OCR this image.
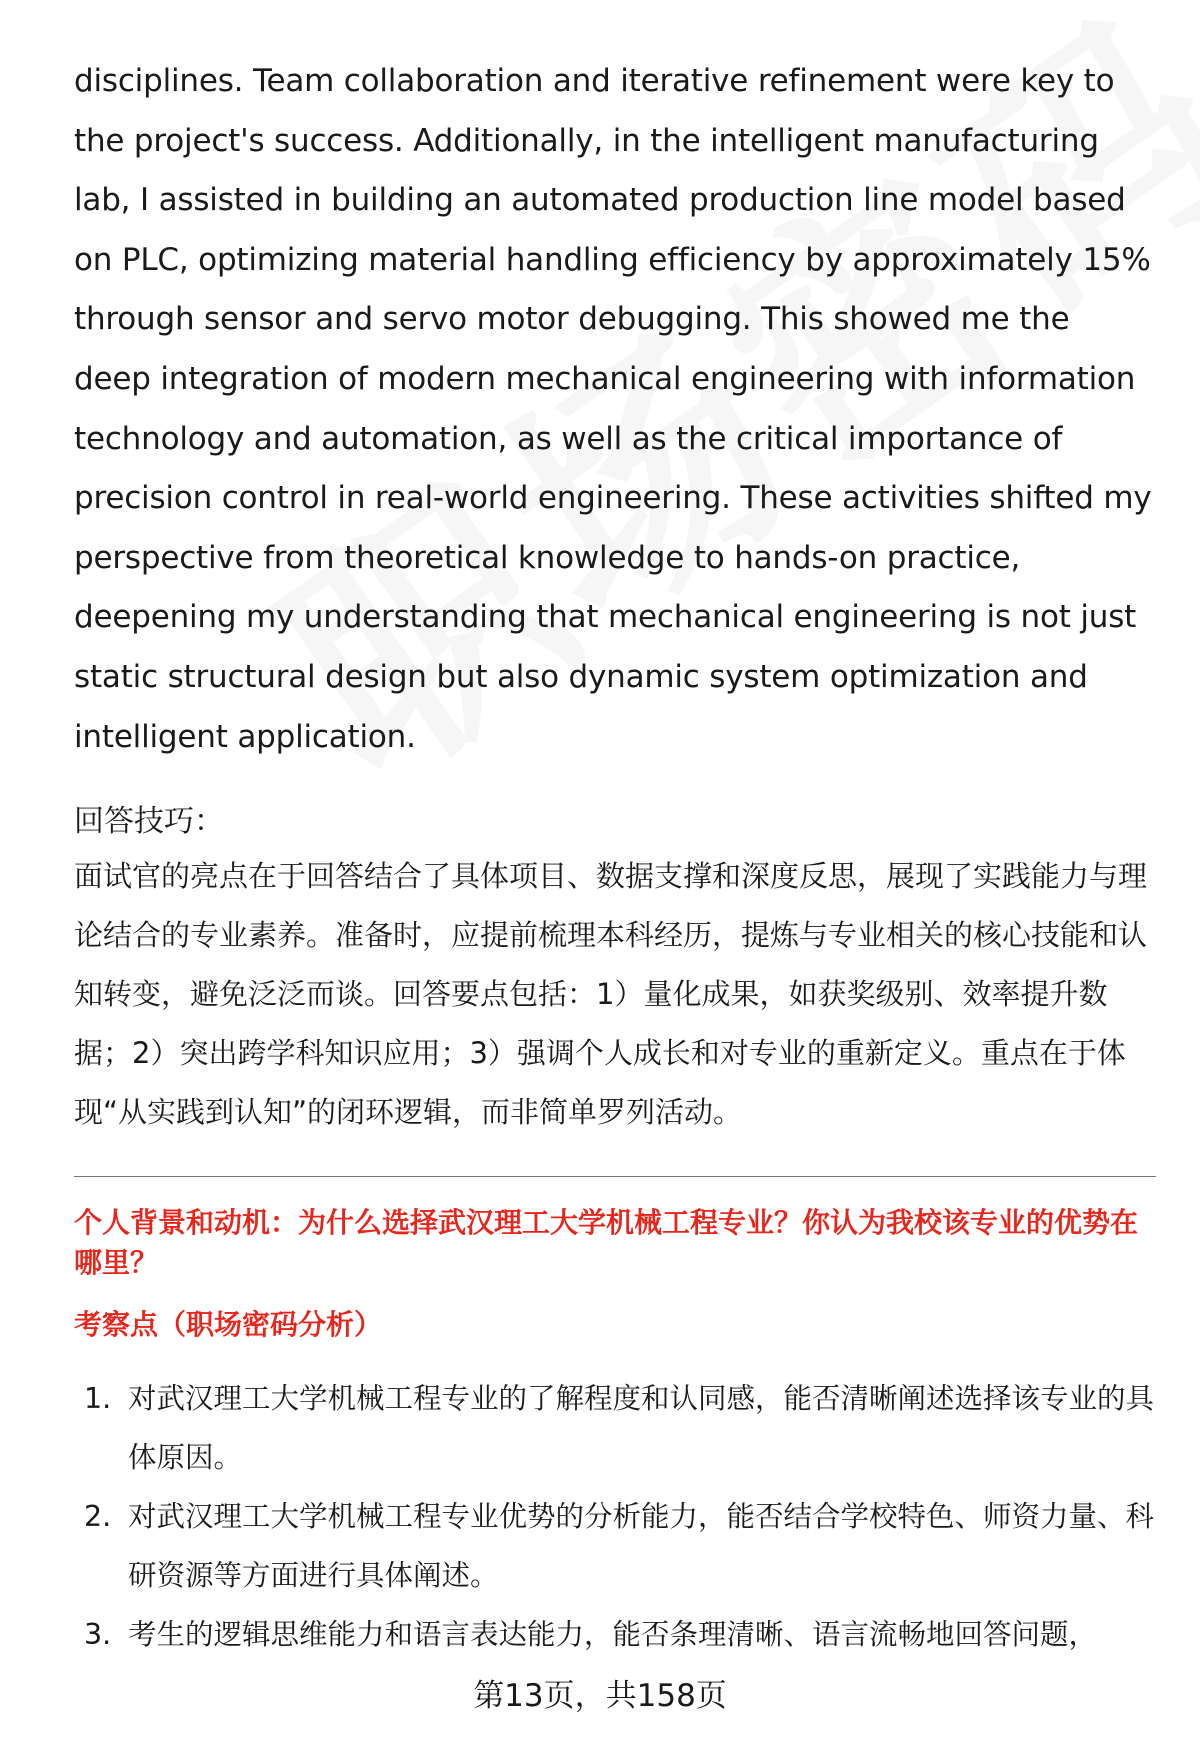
disciplines. Team collaboration and iterative refinement were key to the project's success. Additionally, in the intelligent manufacturing lab, I assisted in building an automated production line model based on PLC, optimizing material handling efficiency by approximately 15% through sensor and servo motor debugging. This showed me the deep integration of modern mechanical engineering with information technology and automation, as well as the critical importance of precision control in real-world engineering. These activities shifted my perspective from theoretical knowledge to hands-on practice, deepening my understanding that mechanical engineering is not just static structural design but also dynamic system optimization and intelligent application.

回答技巧：

面试官的亮点在于回答结合了具体项目、数据支撑和深度反思，展现了实践能力与理论结合的专业素养。准备时，应提前梳理本科经历，提炼与专业相关的核心技能和认知转变，避免泛泛而谈。回答要点包括：1）量化成果，如获奖级别、效率提升数据；2）突出跨学科知识应用；3）强调个人成长和对专业的重新定义。重点在于体现“从实践到认知”的闭环逻辑，而非简单罗列活动。

个人背景和动机：为什么选择武汉理工大学机械工程专业？你认为我校该专业的优势在哪里？
考察点（职场密码分析）
1. 对武汉理工大学机械工程专业的了解程度和认同感，能否清晰阐述选择该专业的具体原因。
2. 对武汉理工大学机械工程专业优势的分析能力，能否结合学校特色、师资力量、科研资源等方面进行具体阐述。
3. 考生的逻辑思维能力和语言表达能力，能否条理清晰、语言流畅地回答问题，
第13页，共158页
